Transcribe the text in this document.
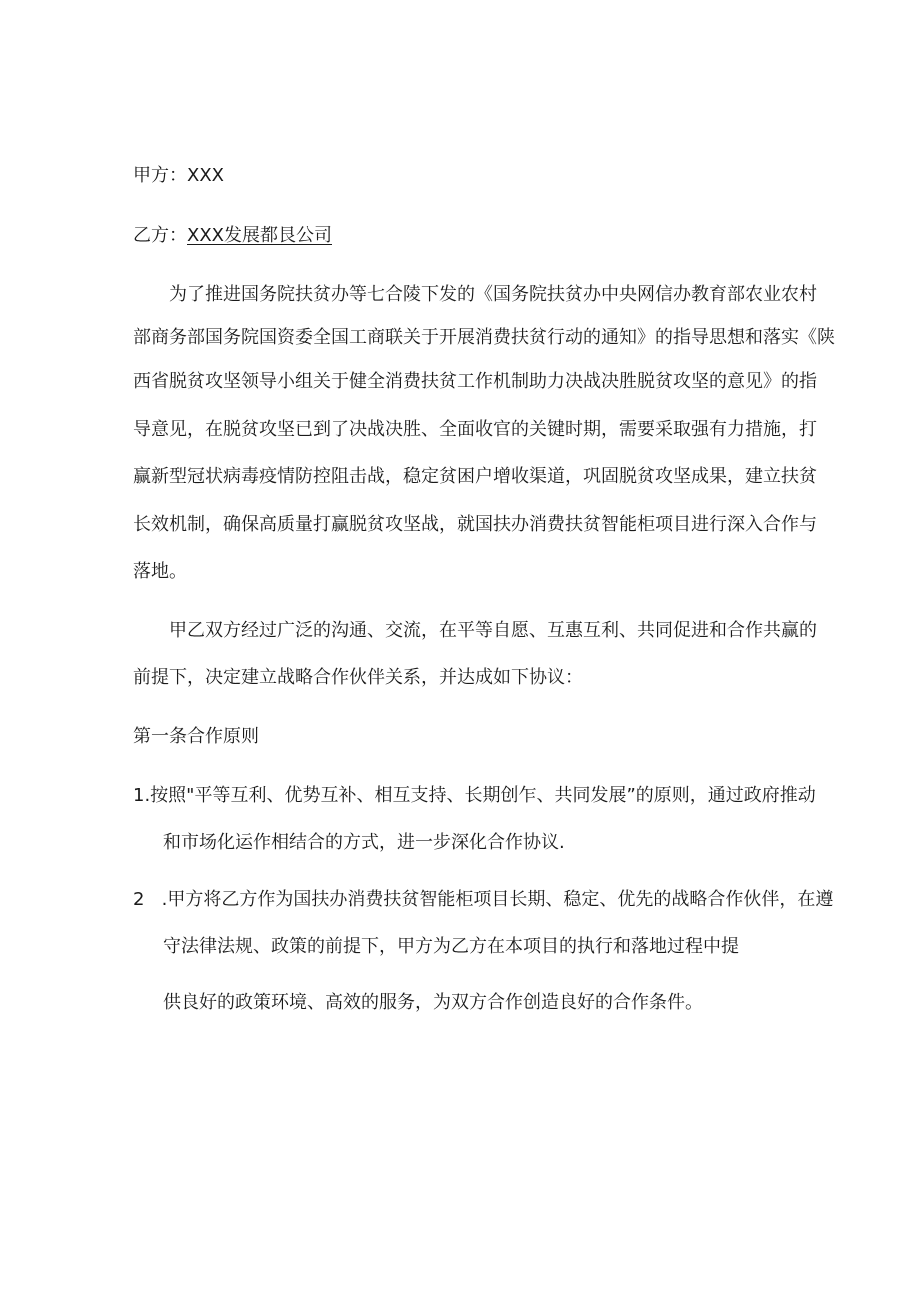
甲方：XXX
乙方：XXX发展都艮公司
为了推进国务院扶贫办等七合陵下发的《国务院扶贫办中央网信办教育部农业农村
部商务部国务院国资委全国工商联关于开展消费扶贫行动的通知》的指导思想和落实《陕
西省脱贫攻坚领导小组关于健全消费扶贫工作机制助力决战决胜脱贫攻坚的意见》的指
导意见，在脱贫攻坚已到了决战决胜、全面收官的关键时期，需要采取强有力措施，打
赢新型冠状病毒疫情防控阻击战，稳定贫困户增收渠道，巩固脱贫攻坚成果，建立扶贫
长效机制，确保高质量打赢脱贫攻坚战，就国扶办消费扶贫智能柜项目进行深入合作与
落地。
甲乙双方经过广泛的沟通、交流，在平等自愿、互惠互利、共同促进和合作共赢的
前提下，决定建立战略合作伙伴关系，并达成如下协议：
第一条合作原则
1.按照"平等互利、优势互补、相互支持、长期创乍、共同发展”的原则，通过政府推动
和市场化运作相结合的方式，进一步深化合作协议.
2   .甲方将乙方作为国扶办消费扶贫智能柜项目长期、稳定、优先的战略合作伙伴，在遵
守法律法规、政策的前提下，甲方为乙方在本项目的执行和落地过程中提
供良好的政策环境、高效的服务，为双方合作创造良好的合作条件。
